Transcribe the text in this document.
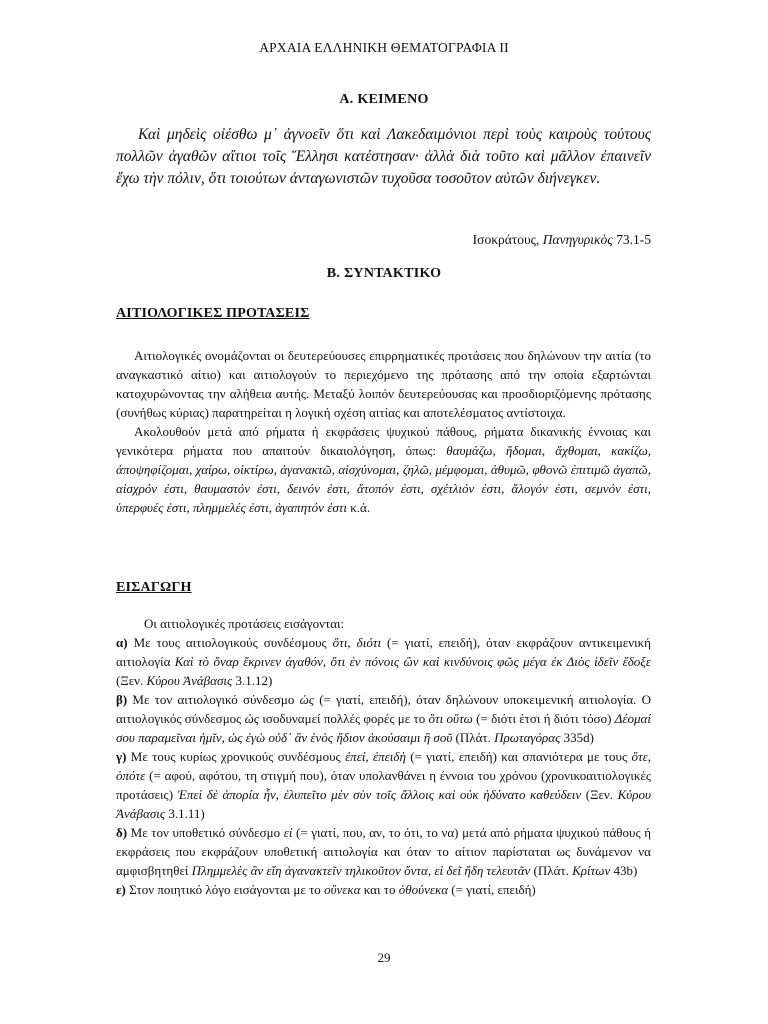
ΑΡΧΑΙΑ ΕΛΛΗΝΙΚΗ ΘΕΜΑΤΟΓΡΑΦΙΑ ΙΙ
Α. ΚΕΙΜΕΝΟ

Καὶ μηδεὶς οἰέσθω μ᾽ ἀγνοεῖν ὅτι καὶ Λακεδαιμόνιοι περὶ τοὺς καιροὺς τούτους πολλῶν ἀγαθῶν αἴτιοι τοῖς Ἕλλησι κατέστησαν· ἀλλὰ διὰ τοῦτο καὶ μᾶλλον ἐπαινεῖν ἔχω τὴν πόλιν, ὅτι τοιούτων ἀνταγωνιστῶν τυχοῦσα τοσοῦτον αὐτῶν διήνεγκεν.

Ισοκράτους, Πανηγυρικὸς 73.1-5
Β. ΣΥΝΤΑΚΤΙΚΟ
ΑΙΤΙΟΛΟΓΙΚΕΣ ΠΡΟΤΑΣΕΙΣ

Αιτιολογικές ονομάζονται οι δευτερεύουσες επιρρηματικές προτάσεις που δηλώνουν την αιτία (το αναγκαστικό αίτιο) και αιτιολογούν το περιεχόμενο της πρότασης από την οποία εξαρτώνται κατοχυρώνοντας την αλήθεια αυτής. Μεταξύ λοιπόν δευτερεύουσας και προσδιοριζόμενης πρότασης (συνήθως κύριας) παρατηρείται η λογική σχέση αιτίας και αποτελέσματος αντίστοιχα.

Ακολουθούν μετά από ρήματα ή εκφράσεις ψυχικού πάθους, ρήματα δικανικής έννοιας και γενικότερα ρήματα που απαιτούν δικαιολόγηση, όπως: θαυμάζω, ἥδομαι, ἄχθομαι, κακίζω, ἀποψηφίζομαι, χαίρω, οἰκτίρω, ἀγανακτῶ, αἰσχύνομαι, ζηλῶ, μέμφομαι, ἀθυμῶ, φθονῶ ἐπιτιμῶ ἀγαπῶ, αἰσχρόν ἐστι, θαυμαστόν ἐστι, δεινόν ἐστι, ἄτοπόν ἐστι, σχέτλιόν ἐστι, ἄλογόν ἐστι, σεμνόν ἐστι, ὑπερφυές ἐστι, πλημμελές ἐστι, ἀγαπητόν ἐστι κ.ά.

ΕΙΣΑΓΩΓΗ

Οι αιτιολογικές προτάσεις εισάγονται:

α) Με τους αιτιολογικούς συνδέσμους ὅτι, διότι (= γιατί, επειδή), όταν εκφράζουν αντικειμενική αιτιολογία Καὶ τὸ ὄναρ ἔκρινεν ἀγαθόν, ὅτι ἐν πόνοις ὢν καὶ κινδύνοις φῶς μέγα ἐκ Διὸς ἰδεῖν ἔδοξε (Ξεν. Κύρου Ἀνάβασις 3.1.12)

β) Με τον αιτιολογικό σύνδεσμο ὡς (= γιατί, επειδή), όταν δηλώνουν υποκειμενική αιτιολογία. Ο αιτιολογικός σύνδεσμος ὡς ισοδυναμεί πολλές φορές με το ὅτι οὕτω (= διότι έτσι ή διότι τόσο) Δέομαί σου παραμεῖναι ἡμῖν, ὡς ἐγὼ οὐδ᾽ ἂν ἑνὸς ἥδιον ἀκούσαιμι ἢ σοῦ (Πλάτ. Πρωταγόρας 335d)

γ) Με τους κυρίως χρονικούς συνδέσμους ἐπεί, ἐπειδὴ (= γιατί, επειδή) και σπανιότερα με τους ὅτε, ὁπότε (= αφού, αφότου, τη στιγμή που), όταν υπολανθάνει η έννοια του χρόνου (χρονικοαιτιολογικές προτάσεις) Ἐπεὶ δὲ ἀπορία ἦν, ἐλυπεῖτο μὲν σὺν τοῖς ἄλλοις καὶ οὐκ ἠδύνατο καθεύδειν (Ξεν. Κύρου Ἀνάβασις 3.1.11)

δ) Με τον υποθετικό σύνδεσμο εἰ (= γιατί, που, αν, το ότι, το να) μετά από ρήματα ψυχικού πάθους ή εκφράσεις που εκφράζουν υποθετική αιτιολογία και όταν το αίτιον παρίσταται ως δυνάμενον να αμφισβητηθεί Πλημμελὲς ἂν εἴη ἀγανακτεῖν τηλικοῦτον ὄντα, εἰ δεῖ ἤδη τελευτᾶν (Πλάτ. Κρίτων 43b)

ε) Στον ποιητικό λόγο εισάγονται με το οὕνεκα και το ὁθούνεκα (= γιατί, επειδή)

29
